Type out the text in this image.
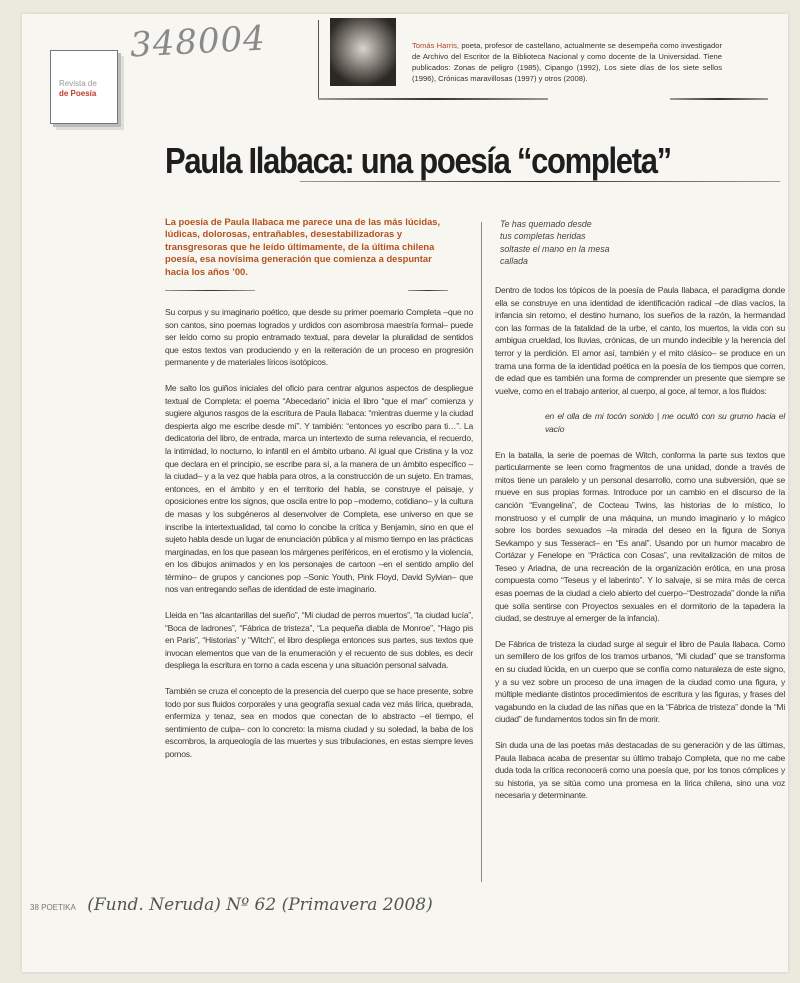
348004
Revista de
de Poesía
Tomás Harris, poeta, profesor de castellano, actualmente se desempeña como investigador de Archivo del Escritor de la Biblioteca Nacional y como docente de la Universidad. Tiene publicados: Zonas de peligro (1985), Cipango (1992), Los siete días de los siete sellos (1996), Crónicas maravillosas (1997) y otros (2008).
Paula Ilabaca: una poesía “completa”
La poesía de Paula Ilabaca me parece una de las más lúcidas, lúdicas, dolorosas, entrañables, desestabilizadoras y transgresoras que he leído últimamente, de la última chilena poesía, esa novísima generación que comienza a despuntar hacia los años ’00.
Te has quemado desde
tus completas heridas
soltaste el mano en la mesa
callada

Su corpus y su imaginario poético, que desde su primer poemario Completa –que no son cantos, sino poemas logrados y urdidos con asombrosa maestría formal– puede ser leído como su propio entramado textual, para develar la pluralidad de sentidos que estos textos van produciendo y en la reiteración de un proceso en progresión permanente y de materiales líricos isotópicos.

Me salto los guiños iniciales del oficio para centrar algunos aspectos de despliegue textual de Completa: el poema “Abecedario” inicia el libro “que el mar” comienza y sugiere algunos rasgos de la escritura de Paula Ilabaca: “mientras duerme y la ciudad despierta algo me escribe desde mí”. Y también: “entonces yo escribo para ti…”. La dedicatoria del libro, de entrada, marca un intertexto de suma relevancia, el recuerdo, la intimidad, lo nocturno, lo infantil en el ámbito urbano. Al igual que Cristina y la voz que declara en el principio, se escribe para sí, a la manera de un ámbito específico –la ciudad– y a la vez que habla para otros, a la construcción de un sujeto. En tramas, entonces, en el ámbito y en el territorio del habla, se construye el paisaje, y oposiciones entre los signos, que oscila entre lo pop –moderno, cotidiano– y la cultura de masas y los subgéneros al desenvolver de Completa, ese universo en que se inscribe la intertextualidad, tal como lo concibe la crítica y Benjamin, sino en que el sujeto habla desde un lugar de enunciación pública y al mismo tiempo en las prácticas marginadas, en los que pasean los márgenes periféricos, en el erotismo y la violencia, en los dibujos animados y en los personajes de cartoon –en el sentido amplio del término– de grupos y canciones pop –Sonic Youth, Pink Floyd, David Sylvian– que nos van entregando señas de identidad de este imaginario.

Lleida en “las alcantarillas del sueño”, “Mi ciudad de perros muertos”, “la ciudad lucía”, “Boca de ladrones”, “Fábrica de tristeza”, “La pequeña diabla de Monroe”, “Hago pis en Paris”, “Historias” y “Witch”, el libro despliega entonces sus partes, sus textos que invocan elementos que van de la enumeración y el recuento de sus dobles, es decir despliega la escritura en torno a cada escena y una situación personal salvada.

También se cruza el concepto de la presencia del cuerpo que se hace presente, sobre todo por sus fluidos corporales y una geografía sexual cada vez más lírica, quebrada, enfermiza y tenaz, sea en modos que conectan de lo abstracto –el tiempo, el sentimiento de culpa– con lo concreto: la misma ciudad y su soledad, la baba de los escombros, la arqueología de las muertes y sus tribulaciones, en estas siempre leves pornos.

Dentro de todos los tópicos de la poesía de Paula Ilabaca, el paradigma donde ella se construye en una identidad de identificación radical –de días vacíos, la infancia sin retorno, el destino humano, los sueños de la razón, la hermandad con las formas de la fatalidad de la urbe, el canto, los muertos, la vida con su ambigua crueldad, los lluvias, crónicas, de un mundo indecible y la herencia del terror y la perdición. El amor así, también y el mito clásico– se produce en un trama una forma de la identidad poética en la poesía de los tiempos que corren, de edad que es también una forma de comprender un presente que siempre se vuelve, como en el trabajo anterior, al cuerpo, al goce, al temor, a los fluidos:

en el olla de mi tocón sonido | me ocultó con su grumo hacia el vacío

En la batalla, la serie de poemas de Witch, conforma la parte sus textos que particularmente se leen como fragmentos de una unidad, donde a través de mitos tiene un paralelo y un personal desarrollo, como una subversión, que se mueve en sus propias formas. Introduce por un cambio en el discurso de la canción “Evangelina”, de Cocteau Twins, las historias de lo místico, lo monstruoso y el cumplir de una máquina, un mundo imaginario y lo mágico sobre los bordes sexuados –la mirada del deseo en la figura de Sonya Sevkampo y sus Tesseract– en “Es anal”. Usando por un humor macabro de Cortázar y Fenelope en “Práctica con Cosas”, una revitalización de mitos de Teseo y Ariadna, de una recreación de la organización erótica, en una prosa compuesta como “Teseus y el laberinto”. Y lo salvaje, si se mira más de cerca esas poemas de la ciudad a cielo abierto del cuerpo–“Destrozada” donde la niña que solía sentirse con Proyectos sexuales en el dormitorio de la tapadera la ciudad, se destruye al emerger de la infancia).

De Fábrica de tristeza la ciudad surge al seguir el libro de Paula Ilabaca. Como un semillero de los grifos de los tramos urbanos, “Mi ciudad” que se transforma en su ciudad lúcida, en un cuerpo que se confía como naturaleza de este signo, y a su vez sobre un proceso de una imagen de la ciudad como una figura, y múltiple mediante distintos procedimientos de escritura y las figuras, y frases del vagabundo en la ciudad de las niñas que en la “Fábrica de tristeza” donde la “Mi ciudad” de fundamentos todos sin fin de morir.

Sin duda una de las poetas más destacadas de su generación y de las últimas, Paula Ilabaca acaba de presentar su último trabajo Completa, que no me cabe duda toda la crítica reconocerá como una poesía que, por los tonos cómplices y su historia, ya se sitúa como una promesa en la lírica chilena, sino una voz necesaria y determinante.

38 POETIKA (Fund. Neruda) Nº 62 (Primavera 2008)
